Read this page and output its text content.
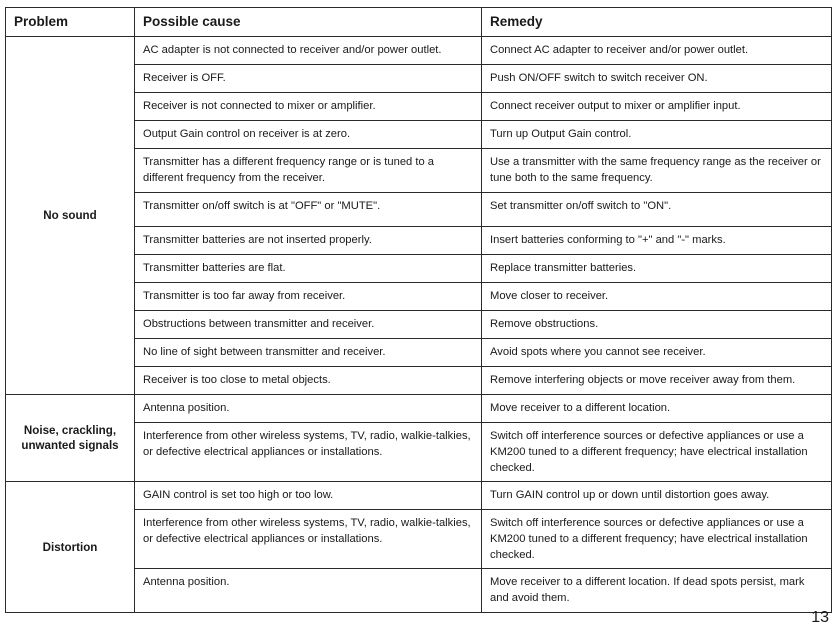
Problem	Possible cause	Remedy
No sound	AC adapter is not connected to receiver and/or power outlet.	Connect AC adapter to receiver and/or power outlet.
	Receiver is OFF.	Push ON/OFF switch to switch receiver ON.
	Receiver is not connected to mixer or amplifier.	Connect receiver output to mixer or amplifier input.
	Output Gain control on receiver is at zero.	Turn up Output Gain control.
	Transmitter has a different frequency range or is tuned to a different frequency from the receiver.	Use a transmitter with the same frequency range as the receiver or tune both to the same frequency.
	Transmitter on/off switch is at "OFF" or "MUTE".	Set transmitter on/off switch to "ON".
	Transmitter batteries are not inserted properly.	Insert batteries conforming to "+" and "-" marks.
	Transmitter batteries are flat.	Replace transmitter batteries.
	Transmitter is too far away from receiver.	Move closer to receiver.
	Obstructions between transmitter and receiver.	Remove obstructions.
	No line of sight between transmitter and receiver.	Avoid spots where you cannot see receiver.
	Receiver is too close to metal objects.	Remove interfering objects or move receiver away from them.
Noise, crackling, unwanted signals	Antenna position.	Move receiver to a different location.
	Interference from other wireless systems, TV, radio, walkie-talkies, or defective electrical appliances or installations.	Switch off interference sources or defective appliances or use a KM200 tuned to a different frequency; have electrical installation checked.
Distortion	GAIN control is set too high or too low.	Turn GAIN control up or down until distortion goes away.
	Interference from other wireless systems, TV, radio, walkie-talkies, or defective electrical appliances or installations.	Switch off interference sources or defective appliances or use a KM200 tuned to a different frequency; have electrical installation checked.
	Antenna position.	Move receiver to a different location. If dead spots persist, mark and avoid them.
13
